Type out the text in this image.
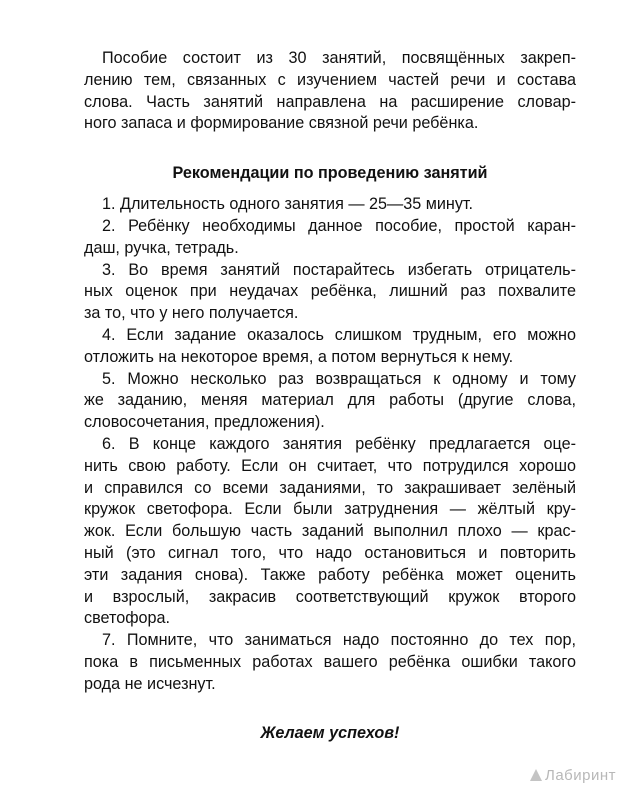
Пособие состоит из 30 занятий, посвящённых закреп-
лению тем, связанных с изучением частей речи и состава
слова. Часть занятий направлена на расширение словар-
ного запаса и формирование связной речи ребёнка.

Рекомендации по проведению занятий

1. Длительность одного занятия — 25—35 минут.

2. Ребёнку необходимы данное пособие, простой каран-
даш, ручка, тетрадь.

3. Во время занятий постарайтесь избегать отрицатель-
ных оценок при неудачах ребёнка, лишний раз похвалите
за то, что у него получается.

4. Если задание оказалось слишком трудным, его можно
отложить на некоторое время, а потом вернуться к нему.

5. Можно несколько раз возвращаться к одному и тому
же заданию, меняя материал для работы (другие слова,
словосочетания, предложения).

6. В конце каждого занятия ребёнку предлагается оце-
нить свою работу. Если он считает, что потрудился хорошо
и справился со всеми заданиями, то закрашивает зелёный
кружок светофора. Если были затруднения — жёлтый кру-
жок. Если большую часть заданий выполнил плохо — крас-
ный (это сигнал того, что надо остановиться и повторить
эти задания снова). Также работу ребёнка может оценить
и взрослый, закрасив соответствующий кружок второго
светофора.

7. Помните, что заниматься надо постоянно до тех пор,
пока в письменных работах вашего ребёнка ошибки такого
рода не исчезнут.

Желаем успехов!
Лабиринт
